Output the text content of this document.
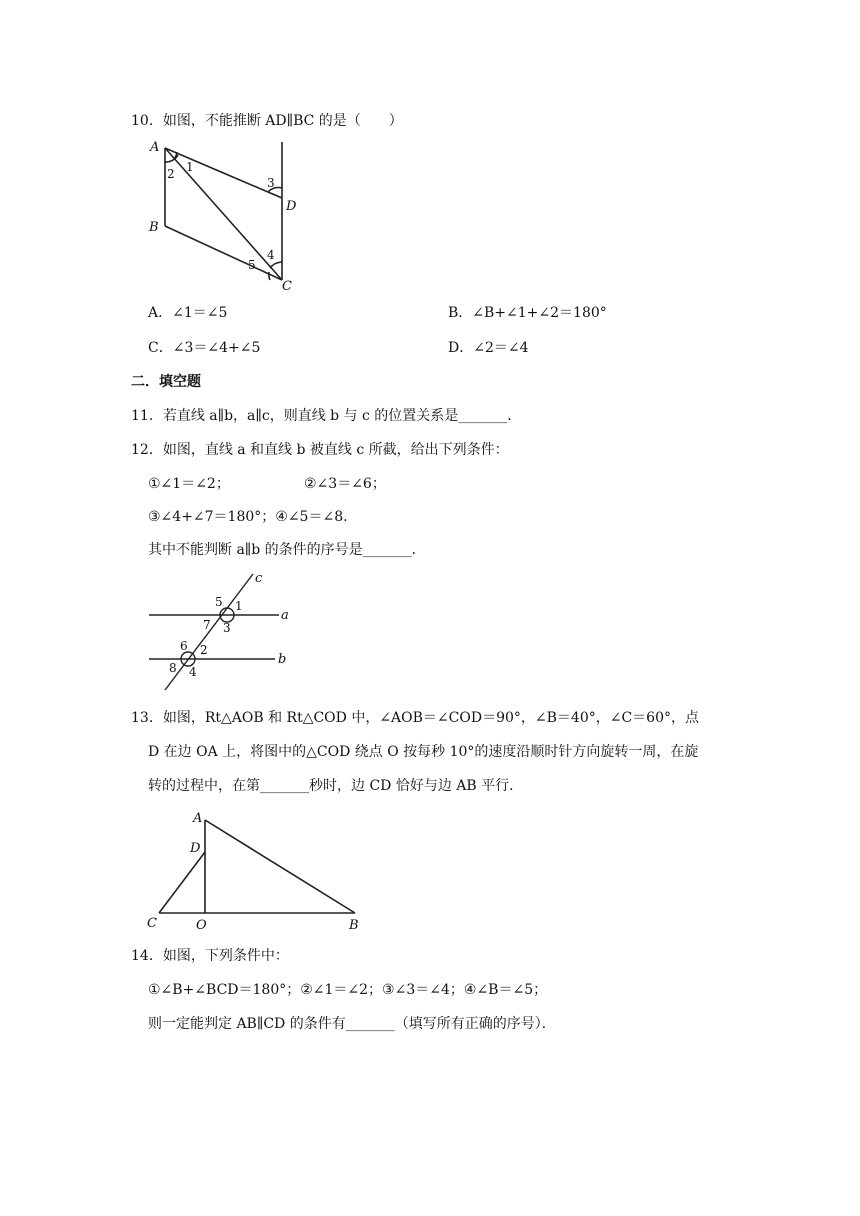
10．如图，不能推断 AD∥BC 的是（　　）
A
B
C
D
1
2
3
4
5
A．∠1＝∠5	B．∠B+∠1+∠2＝180°
C．∠3＝∠4+∠5	D．∠2＝∠4
二．填空题
11．若直线 a∥b，a∥c，则直线 b 与 c 的位置关系是_______．
12．如图，直线 a 和直线 b 被直线 c 所截，给出下列条件：
①∠1＝∠2；	②∠3＝∠6；
③∠4+∠7＝180°；④∠5＝∠8．
其中不能判断 a∥b 的条件的序号是_______．
c
a
b
5 1
7 3
6 2
8 4
13．如图，Rt△AOB 和 Rt△COD 中，∠AOB＝∠COD＝90°，∠B＝40°，∠C＝60°，点
D 在边 OA 上，将图中的△COD 绕点 O 按每秒 10°的速度沿顺时针方向旋转一周，在旋
转的过程中，在第_______秒时，边 CD 恰好与边 AB 平行．
A
D
C	O	B
14．如图，下列条件中：
①∠B+∠BCD＝180°；②∠1＝∠2；③∠3＝∠4；④∠B＝∠5；
则一定能判定 AB∥CD 的条件有_______（填写所有正确的序号）．
